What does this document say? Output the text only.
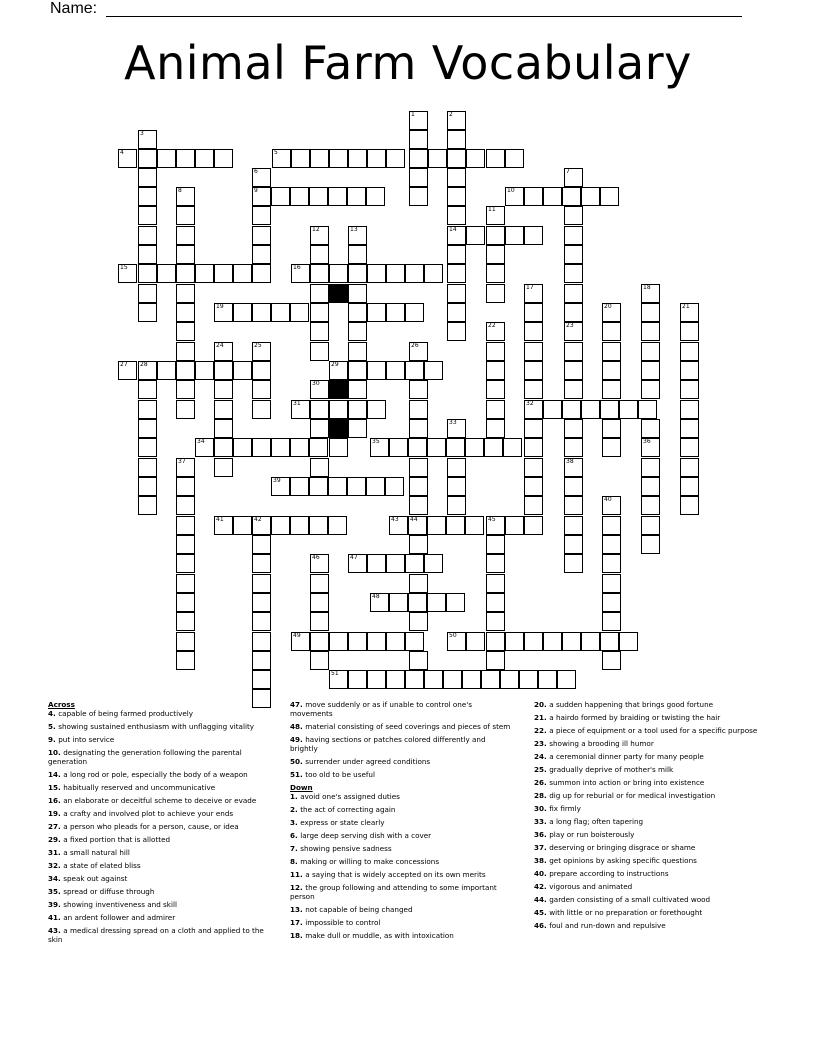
Name:
Animal Farm Vocabulary
1	2
3
4	5
6	7
8	9	10
11
12	13	14
15	16
17	18
19	20	21
22	23
24	25	26
27 28	29
30
31	32
33
34	35	36
37	38
39
40
41	42	43 44	45
46	47
48
49	50
51
Across
4. capable of being farmed productively
5. showing sustained enthusiasm with unflagging vitality
9. put into service
10. designating the generation following the parental generation
14. a long rod or pole, especially the body of a weapon
15. habitually reserved and uncommunicative
16. an elaborate or deceitful scheme to deceive or evade
19. a crafty and involved plot to achieve your ends
27. a person who pleads for a person, cause, or idea
29. a fixed portion that is allotted
31. a small natural hill
32. a state of elated bliss
34. speak out against
35. spread or diffuse through
39. showing inventiveness and skill
41. an ardent follower and admirer
43. a medical dressing spread on a cloth and applied to the skin
47. move suddenly or as if unable to control one's movements
48. material consisting of seed coverings and pieces of stem
49. having sections or patches colored differently and brightly
50. surrender under agreed conditions
51. too old to be useful
Down
1. avoid one's assigned duties
2. the act of correcting again
3. express or state clearly
6. large deep serving dish with a cover
7. showing pensive sadness
8. making or willing to make concessions
11. a saying that is widely accepted on its own merits
12. the group following and attending to some important person
13. not capable of being changed
17. impossible to control
18. make dull or muddle, as with intoxication
20. a sudden happening that brings good fortune
21. a hairdo formed by braiding or twisting the hair
22. a piece of equipment or a tool used for a specific purpose
23. showing a brooding ill humor
24. a ceremonial dinner party for many people
25. gradually deprive of mother's milk
26. summon into action or bring into existence
28. dig up for reburial or for medical investigation
30. fix firmly
33. a long flag; often tapering
36. play or run boisterously
37. deserving or bringing disgrace or shame
38. get opinions by asking specific questions
40. prepare according to instructions
42. vigorous and animated
44. garden consisting of a small cultivated wood
45. with little or no preparation or forethought
46. foul and run-down and repulsive
